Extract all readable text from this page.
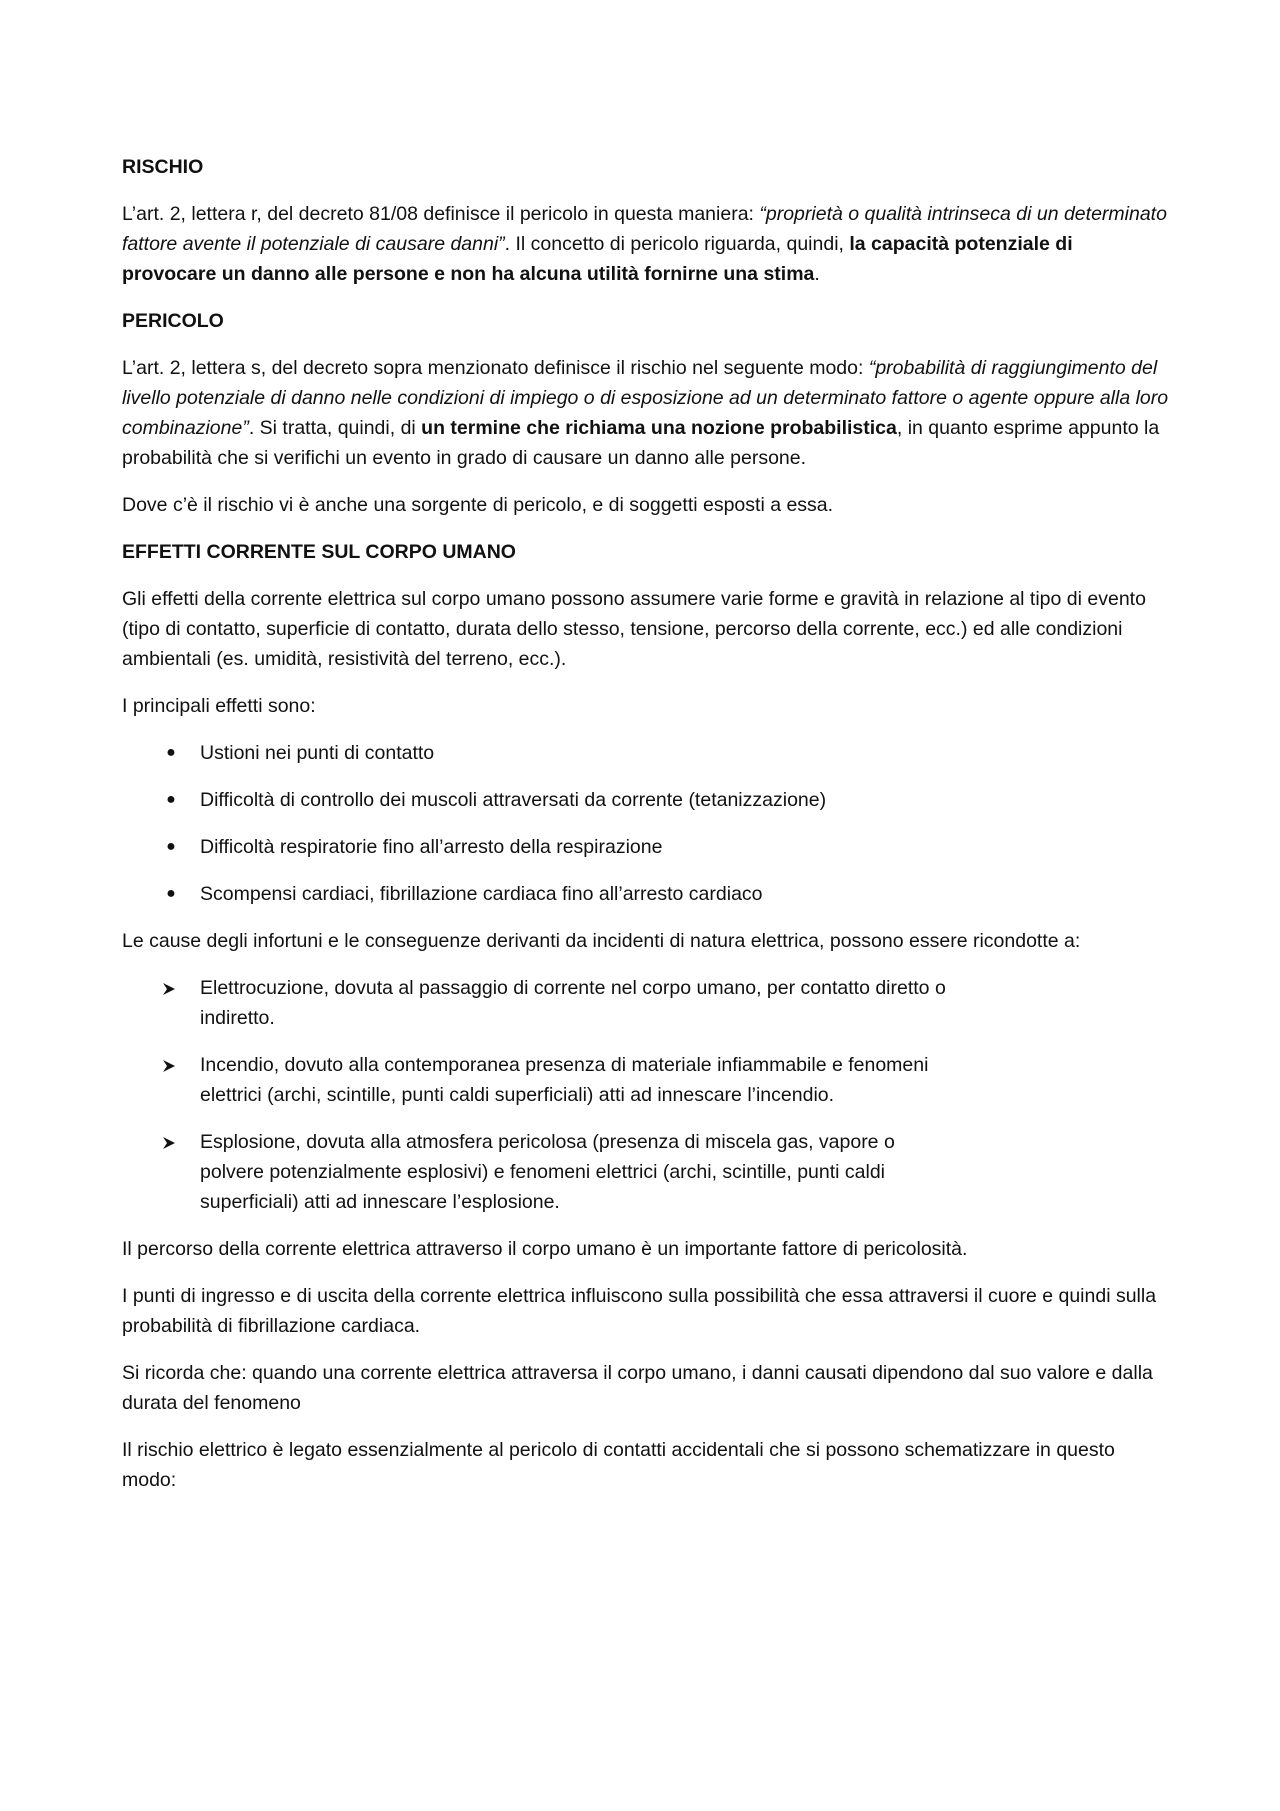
RISCHIO

L’art. 2, lettera r, del decreto 81/08 definisce il pericolo in questa maniera: “proprietà o qualità intrinseca di un determinato fattore avente il potenziale di causare danni”. Il concetto di pericolo riguarda, quindi, la capacità potenziale di provocare un danno alle persone e non ha alcuna utilità fornirne una stima.

PERICOLO

L’art. 2, lettera s, del decreto sopra menzionato definisce il rischio nel seguente modo: “probabilità di raggiungimento del livello potenziale di danno nelle condizioni di impiego o di esposizione ad un determinato fattore o agente oppure alla loro combinazione”. Si tratta, quindi, di un termine che richiama una nozione probabilistica, in quanto esprime appunto la probabilità che si verifichi un evento in grado di causare un danno alle persone.

Dove c’è il rischio vi è anche una sorgente di pericolo, e di soggetti esposti a essa.

EFFETTI CORRENTE SUL CORPO UMANO

Gli effetti della corrente elettrica sul corpo umano possono assumere varie forme e gravità in relazione al tipo di evento (tipo di contatto, superficie di contatto, durata dello stesso, tensione, percorso della corrente, ecc.) ed alle condizioni ambientali (es. umidità, resistività del terreno, ecc.).

I principali effetti sono:

● Ustioni nei punti di contatto
● Difficoltà di controllo dei muscoli attraversati da corrente (tetanizzazione)
● Difficoltà respiratorie fino all’arresto della respirazione
● Scompensi cardiaci, fibrillazione cardiaca fino all’arresto cardiaco

Le cause degli infortuni e le conseguenze derivanti da incidenti di natura elettrica, possono essere ricondotte a:

Elettrocuzione, dovuta al passaggio di corrente nel corpo umano, per contatto diretto o indiretto.
Incendio, dovuto alla contemporanea presenza di materiale infiammabile e fenomeni elettrici (archi, scintille, punti caldi superficiali) atti ad innescare l’incendio.
Esplosione, dovuta alla atmosfera pericolosa (presenza di miscela gas, vapore o polvere potenzialmente esplosivi) e fenomeni elettrici (archi, scintille, punti caldi superficiali) atti ad innescare l’esplosione.

Il percorso della corrente elettrica attraverso il corpo umano è un importante fattore di pericolosità.

I punti di ingresso e di uscita della corrente elettrica influiscono sulla possibilità che essa attraversi il cuore e quindi sulla probabilità di fibrillazione cardiaca.

Si ricorda che: quando una corrente elettrica attraversa il corpo umano, i danni causati dipendono dal suo valore e dalla durata del fenomeno

Il rischio elettrico è legato essenzialmente al pericolo di contatti accidentali che si possono schematizzare in questo modo:
